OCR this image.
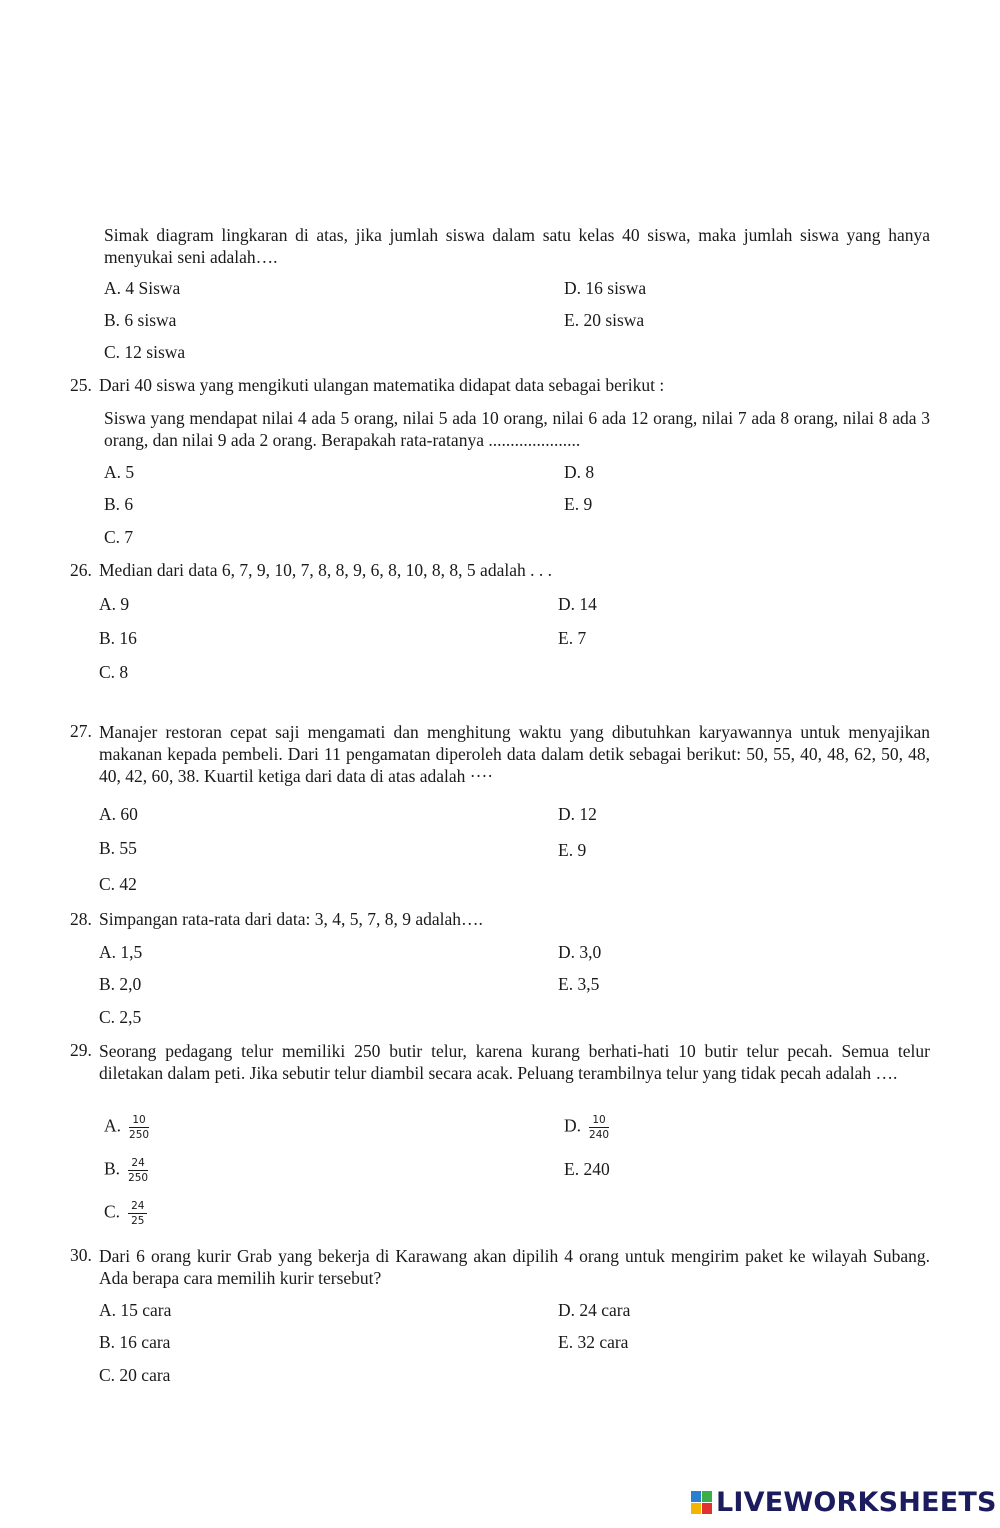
Simak diagram lingkaran di atas, jika jumlah siswa dalam satu kelas 40 siswa, maka jumlah siswa yang hanya menyukai seni adalah….
A. 4 Siswa	D. 16 siswa
B. 6 siswa	E. 20 siswa
C. 12 siswa
25. Dari 40 siswa yang mengikuti ulangan matematika didapat data sebagai berikut :
Siswa yang mendapat nilai 4 ada 5 orang, nilai 5 ada 10 orang, nilai 6 ada 12 orang, nilai 7 ada 8 orang, nilai 8 ada 3 orang, dan nilai 9 ada 2 orang. Berapakah rata-ratanya .....................
A. 5	D. 8
B. 6	E. 9
C. 7
26. Median dari data 6, 7, 9, 10, 7, 8, 8, 9, 6, 8, 10, 8, 8, 5 adalah . . .
A. 9	D. 14
B. 16	E. 7
C. 8
27. Manajer restoran cepat saji mengamati dan menghitung waktu yang dibutuhkan karyawannya untuk menyajikan makanan kepada pembeli. Dari 11 pengamatan diperoleh data dalam detik sebagai berikut: 50, 55, 40, 48, 62, 50, 48, 40, 42, 60, 38. Kuartil ketiga dari data di atas adalah ····
A. 60	D. 12
B. 55	E. 9
C. 42
28. Simpangan rata-rata dari data: 3, 4, 5, 7, 8, 9 adalah….
A. 1,5	D. 3,0
B. 2,0	E. 3,5
C. 2,5
29. Seorang pedagang telur memiliki 250 butir telur, karena kurang berhati-hati 10 butir telur pecah. Semua telur diletakan dalam peti. Jika sebutir telur diambil secara acak. Peluang terambilnya telur yang tidak pecah adalah ….
A. $\frac{10}{250}$	D. $\frac{10}{240}$
B. $\frac{24}{250}$	E. 240
C. $\frac{24}{25}$
30. Dari 6 orang kurir Grab yang bekerja di Karawang akan dipilih 4 orang untuk mengirim paket ke wilayah Subang. Ada berapa cara memilih kurir tersebut?
A. 15 cara	D. 24 cara
B. 16 cara	E. 32 cara
C. 20 cara
LIVEWORKSHEETS
